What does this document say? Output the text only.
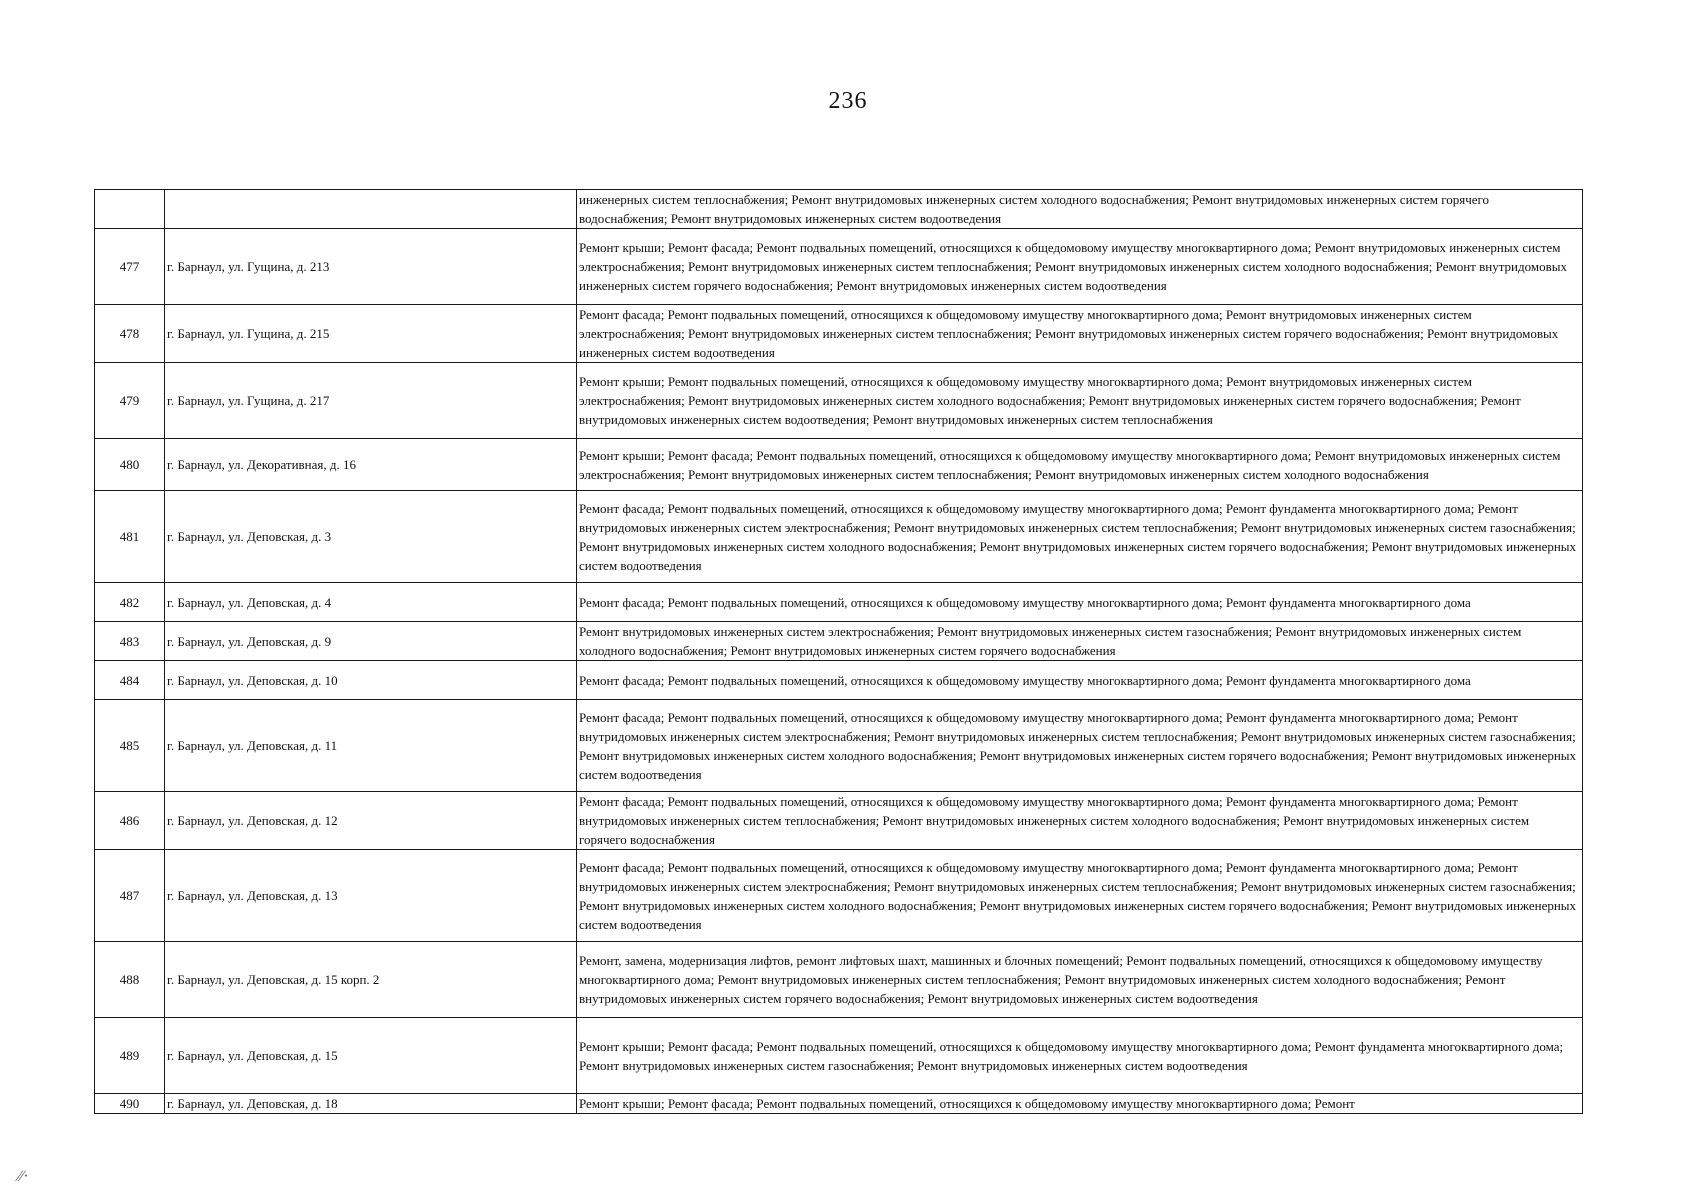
236
		инженерных систем теплоснабжения; Ремонт внутридомовых инженерных систем холодного водоснабжения; Ремонт внутридомовых инженерных систем горячего водоснабжения; Ремонт внутридомовых инженерных систем водоотведения
477	г. Барнаул, ул. Гущина, д. 213	Ремонт крыши; Ремонт фасада; Ремонт подвальных помещений, относящихся к общедомовому имуществу многоквартирного дома; Ремонт внутридомовых инженерных систем электроснабжения; Ремонт внутридомовых инженерных систем теплоснабжения; Ремонт внутридомовых инженерных систем холодного водоснабжения; Ремонт внутридомовых инженерных систем горячего водоснабжения; Ремонт внутридомовых инженерных систем водоотведения
478	г. Барнаул, ул. Гущина, д. 215	Ремонт фасада; Ремонт подвальных помещений, относящихся к общедомовому имуществу многоквартирного дома; Ремонт внутридомовых инженерных систем электроснабжения; Ремонт внутридомовых инженерных систем теплоснабжения; Ремонт внутридомовых инженерных систем горячего водоснабжения; Ремонт внутридомовых инженерных систем водоотведения
479	г. Барнаул, ул. Гущина, д. 217	Ремонт крыши; Ремонт подвальных помещений, относящихся к общедомовому имуществу многоквартирного дома; Ремонт внутридомовых инженерных систем электроснабжения; Ремонт внутридомовых инженерных систем холодного водоснабжения; Ремонт внутридомовых инженерных систем горячего водоснабжения; Ремонт внутридомовых инженерных систем водоотведения; Ремонт внутридомовых инженерных систем теплоснабжения
480	г. Барнаул, ул. Декоративная, д. 16	Ремонт крыши; Ремонт фасада; Ремонт подвальных помещений, относящихся к общедомовому имуществу многоквартирного дома; Ремонт внутридомовых инженерных систем электроснабжения; Ремонт внутридомовых инженерных систем теплоснабжения; Ремонт внутридомовых инженерных систем холодного водоснабжения
481	г. Барнаул, ул. Деповская, д. 3	Ремонт фасада; Ремонт подвальных помещений, относящихся к общедомовому имуществу многоквартирного дома; Ремонт фундамента многоквартирного дома; Ремонт внутридомовых инженерных систем электроснабжения; Ремонт внутридомовых инженерных систем теплоснабжения; Ремонт внутридомовых инженерных систем газоснабжения; Ремонт внутридомовых инженерных систем холодного водоснабжения; Ремонт внутридомовых инженерных систем горячего водоснабжения; Ремонт внутридомовых инженерных систем водоотведения
482	г. Барнаул, ул. Деповская, д. 4	Ремонт фасада; Ремонт подвальных помещений, относящихся к общедомовому имуществу многоквартирного дома; Ремонт фундамента многоквартирного дома
483	г. Барнаул, ул. Деповская, д. 9	Ремонт внутридомовых инженерных систем электроснабжения; Ремонт внутридомовых инженерных систем газоснабжения; Ремонт внутридомовых инженерных систем холодного водоснабжения; Ремонт внутридомовых инженерных систем горячего водоснабжения
484	г. Барнаул, ул. Деповская, д. 10	Ремонт фасада; Ремонт подвальных помещений, относящихся к общедомовому имуществу многоквартирного дома; Ремонт фундамента многоквартирного дома
485	г. Барнаул, ул. Деповская, д. 11	Ремонт фасада; Ремонт подвальных помещений, относящихся к общедомовому имуществу многоквартирного дома; Ремонт фундамента многоквартирного дома; Ремонт внутридомовых инженерных систем электроснабжения; Ремонт внутридомовых инженерных систем теплоснабжения; Ремонт внутридомовых инженерных систем газоснабжения; Ремонт внутридомовых инженерных систем холодного водоснабжения; Ремонт внутридомовых инженерных систем горячего водоснабжения; Ремонт внутридомовых инженерных систем водоотведения
486	г. Барнаул, ул. Деповская, д. 12	Ремонт фасада; Ремонт подвальных помещений, относящихся к общедомовому имуществу многоквартирного дома; Ремонт фундамента многоквартирного дома; Ремонт внутридомовых инженерных систем теплоснабжения; Ремонт внутридомовых инженерных систем холодного водоснабжения; Ремонт внутридомовых инженерных систем горячего водоснабжения
487	г. Барнаул, ул. Деповская, д. 13	Ремонт фасада; Ремонт подвальных помещений, относящихся к общедомовому имуществу многоквартирного дома; Ремонт фундамента многоквартирного дома; Ремонт внутридомовых инженерных систем электроснабжения; Ремонт внутридомовых инженерных систем теплоснабжения; Ремонт внутридомовых инженерных систем газоснабжения; Ремонт внутридомовых инженерных систем холодного водоснабжения; Ремонт внутридомовых инженерных систем горячего водоснабжения; Ремонт внутридомовых инженерных систем водоотведения
488	г. Барнаул, ул. Деповская, д. 15 корп. 2	Ремонт, замена, модернизация лифтов, ремонт лифтовых шахт, машинных и блочных помещений; Ремонт подвальных помещений, относящихся к общедомовому имуществу многоквартирного дома; Ремонт внутридомовых инженерных систем теплоснабжения; Ремонт внутридомовых инженерных систем холодного водоснабжения; Ремонт внутридомовых инженерных систем горячего водоснабжения; Ремонт внутридомовых инженерных систем водоотведения
489	г. Барнаул, ул. Деповская, д. 15	Ремонт крыши; Ремонт фасада; Ремонт подвальных помещений, относящихся к общедомовому имуществу многоквартирного дома; Ремонт фундамента многоквартирного дома; Ремонт внутридомовых инженерных систем газоснабжения; Ремонт внутридомовых инженерных систем водоотведения
490	г. Барнаул, ул. Деповская, д. 18	Ремонт крыши; Ремонт фасада; Ремонт подвальных помещений, относящихся к общедомовому имуществу многоквартирного дома; Ремонт
⁄⁄·
